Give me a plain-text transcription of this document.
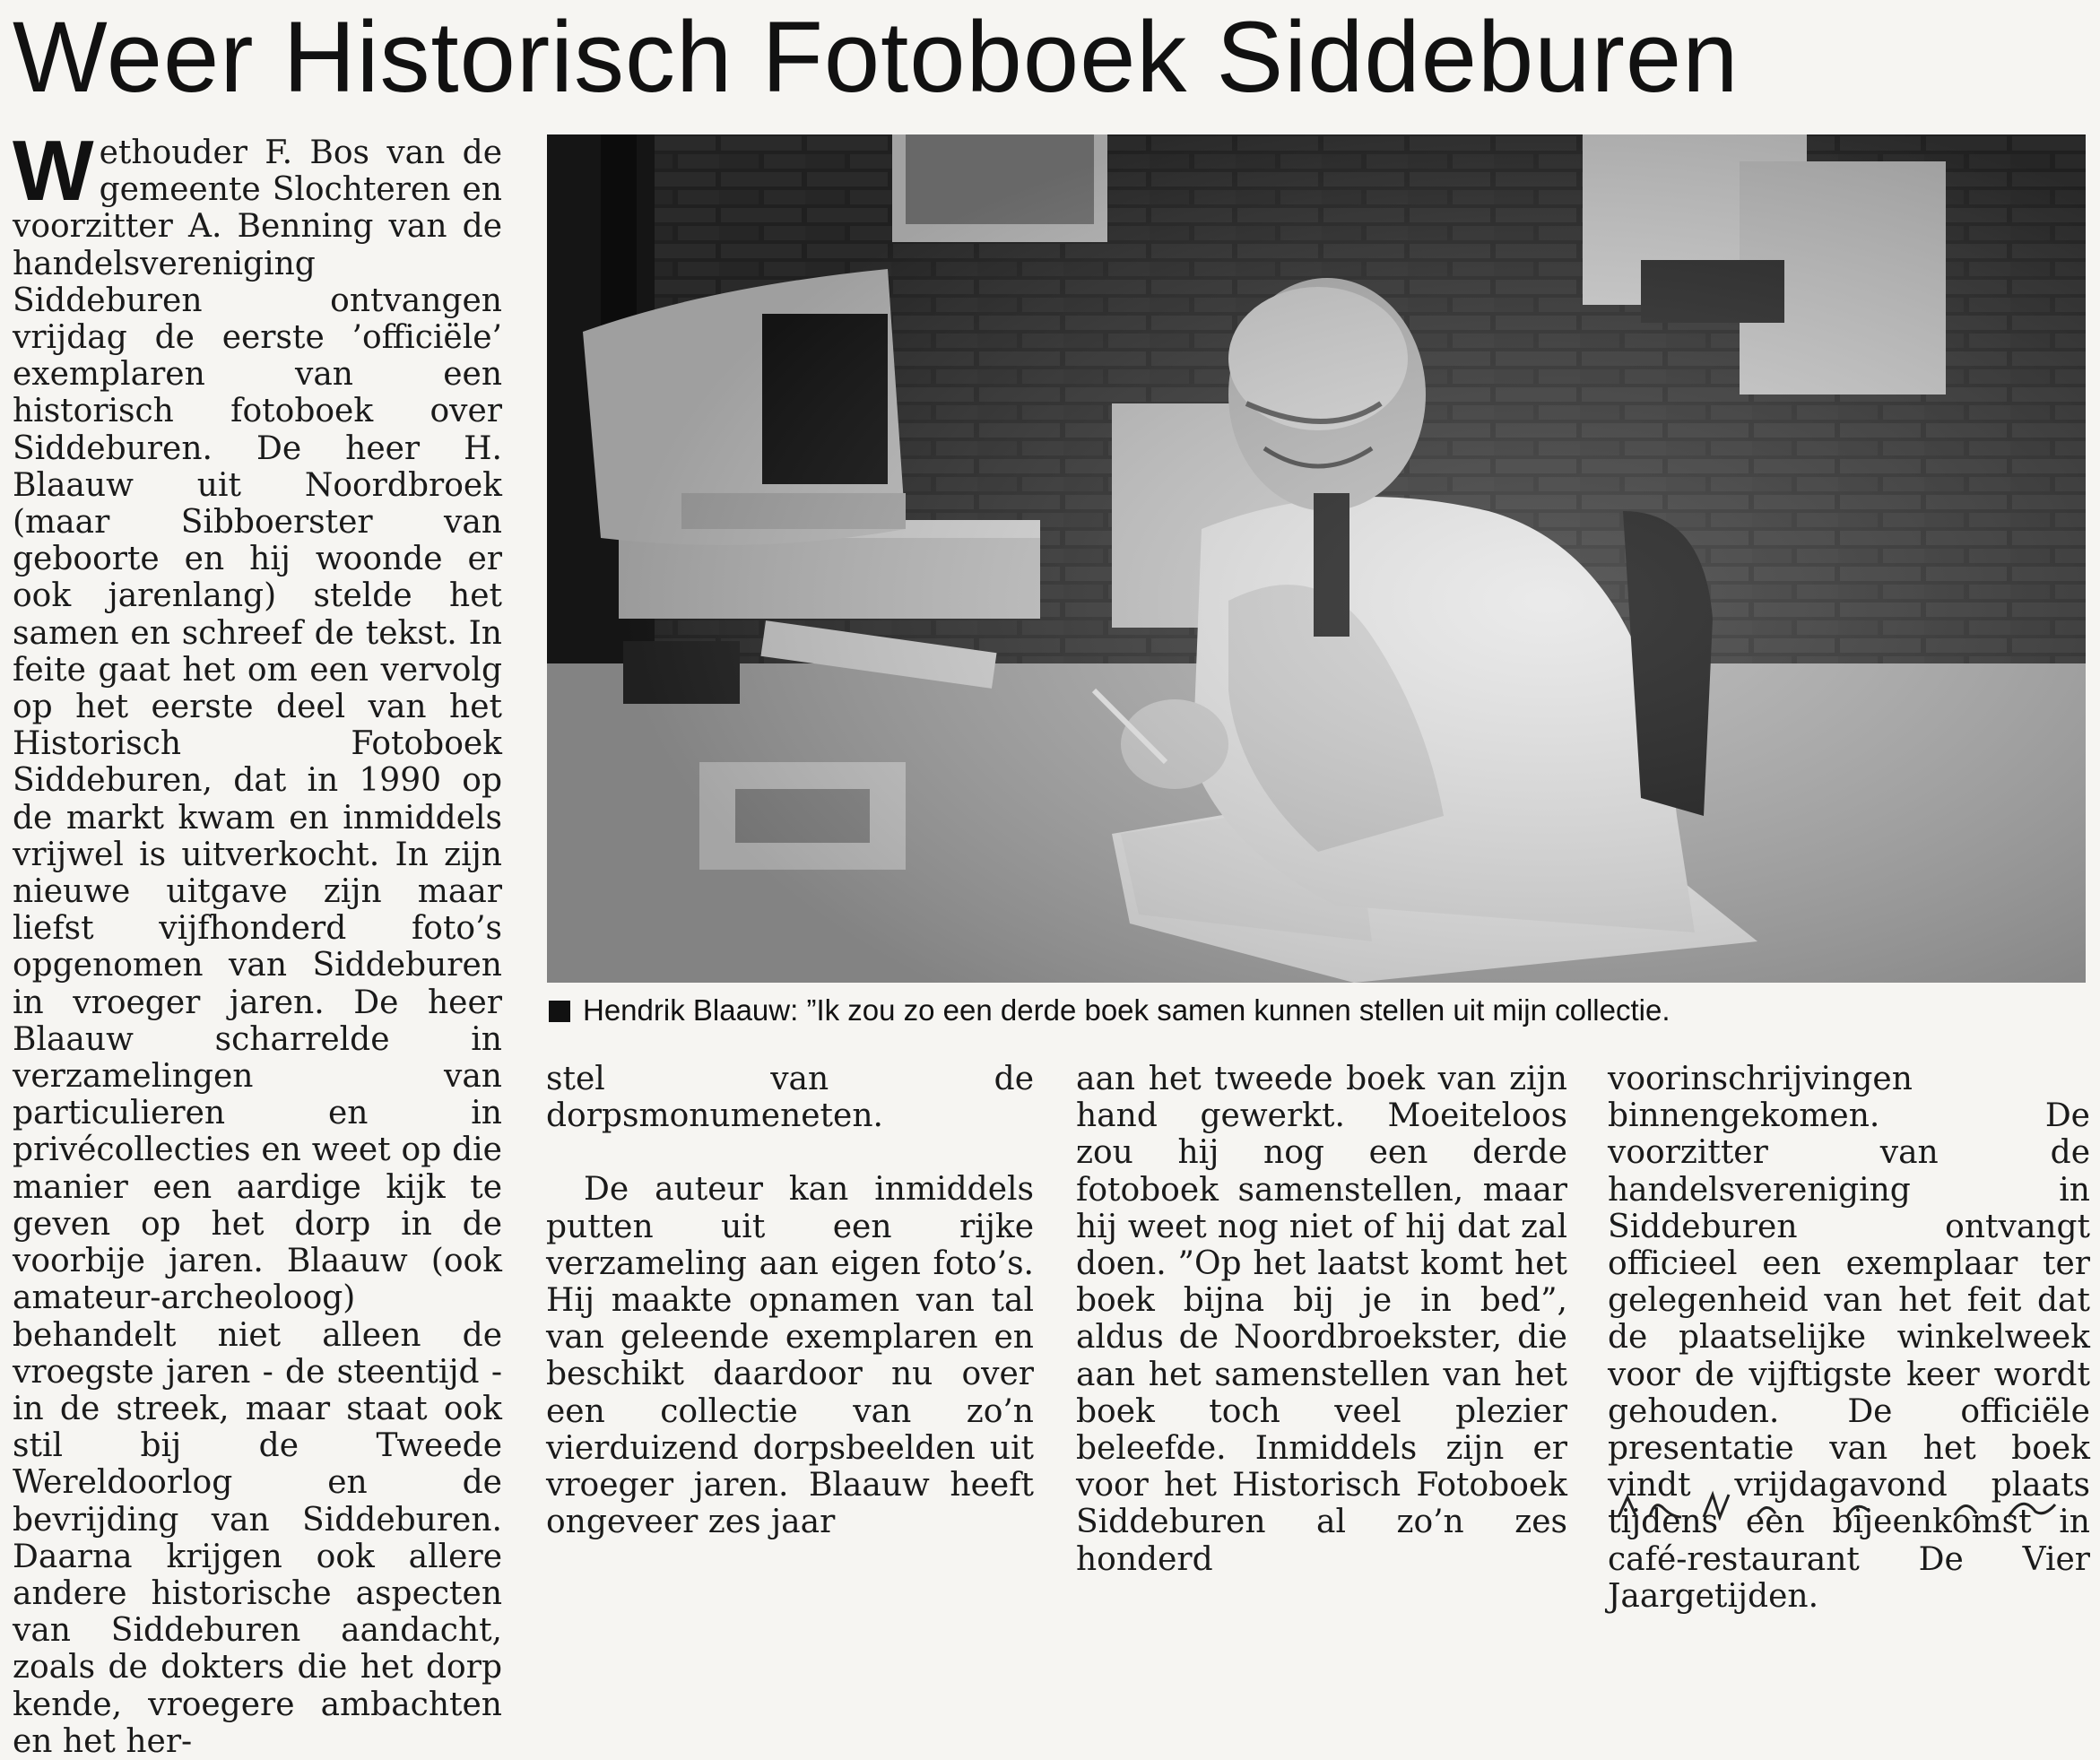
Weer Historisch Fotoboek Siddeburen

Wethouder F. Bos van de gemeente Slochteren en voorzitter A. Benning van de handelsvereniging Siddeburen ontvangen vrijdag de eerste ’officiële’ exemplaren van een historisch fotoboek over Siddeburen. De heer H. Blaauw uit Noordbroek (maar Sibboerster van geboorte en hij woonde er ook jarenlang) stelde het samen en schreef de tekst. In feite gaat het om een vervolg op het eerste deel van het Historisch Fotoboek Siddeburen, dat in 1990 op de markt kwam en inmiddels vrijwel is uitverkocht. In zijn nieuwe uitgave zijn maar liefst vijfhonderd foto’s opgenomen van Siddeburen in vroeger jaren. De heer Blaauw scharrelde in verzamelingen van particulieren en in privécollecties en weet op die manier een aardige kijk te geven op het dorp in de voorbije jaren. Blaauw (ook amateur-archeoloog) behandelt niet alleen de vroegste jaren - de steentijd - in de streek, maar staat ook stil bij de Tweede Wereldoorlog en de bevrijding van Siddeburen. Daarna krijgen ook allere andere historische aspecten van Siddeburen aandacht, zoals de dokters die het dorp kende, vroegere ambachten en het her-

Hendrik Blaauw: ”Ik zou zo een derde boek samen kunnen stellen uit mijn collectie.

stel van de dorpsmonumeneten.

De auteur kan inmiddels putten uit een rijke verzameling aan eigen foto’s. Hij maakte opnamen van tal van geleende exemplaren en beschikt daardoor nu over een collectie van zo’n vierduizend dorpsbeelden uit vroeger jaren. Blaauw heeft ongeveer zes jaar

aan het tweede boek van zijn hand gewerkt. Moeiteloos zou hij nog een derde fotoboek samenstellen, maar hij weet nog niet of hij dat zal doen. ”Op het laatst komt het boek bijna bij je in bed”, aldus de Noordbroekster, die aan het samenstellen van het boek toch veel plezier beleefde. Inmiddels zijn er voor het Historisch Fotoboek Siddeburen al zo’n zes honderd

voorinschrijvingen binnengekomen. De voorzitter van de handelsvereniging in Siddeburen ontvangt officieel een exemplaar ter gelegenheid van het feit dat de plaatselijke winkelweek voor de vijftigste keer wordt gehouden. De officiële presentatie van het boek vindt vrijdagavond plaats tijdens een bijeenkomst in café-restaurant De Vier Jaargetijden.
